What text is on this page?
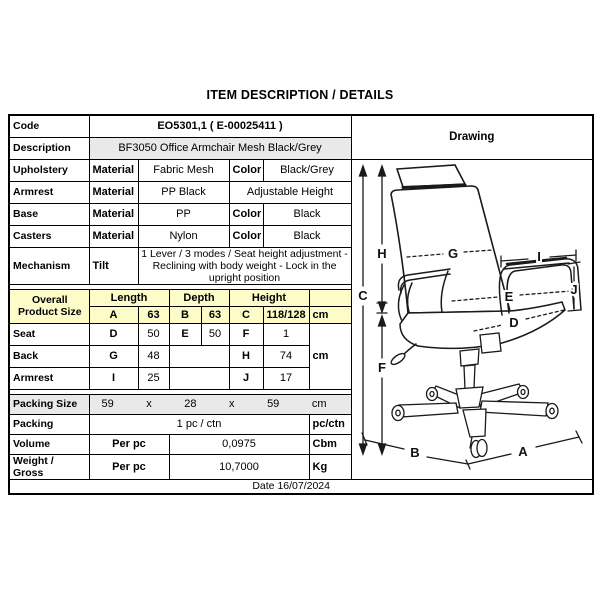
ITEM DESCRIPTION / DETAILS
Code	EO5301,1 ( E-00025411 )							Drawing
Description	BF3050 Office Armchair Mesh Black/Grey							
Upholstery	Material	Fabric Mesh	Color	Black/Grey	
C
H
F
G	I
J
E
D
B	A

Armrest	Material	PP Black			Adjustable Height			
Base	Material	PP			Color	Black		
Casters	Material	Nylon			Color	Black		
Mechanism	Tilt	1 Lever / 3 modes / Seat height adjustment - Reclining with body weight - Lock in the upright position						

Overall Product Size	Length		Depth		Height			
	A	63	B	63	C	118/128	cm	
Seat	D	50	E	50	F	1	cm	
Back	G	48			H	74		
Armrest	I	25			J	17		

Packing Size	59	x	28	x	59	cm

Packing	1 pc / ctn						pc/ctn	
Volume	Per pc		0,0975				Cbm	
Weight / Gross	Per pc		10,7000				Kg	
Date 16/07/2024								
